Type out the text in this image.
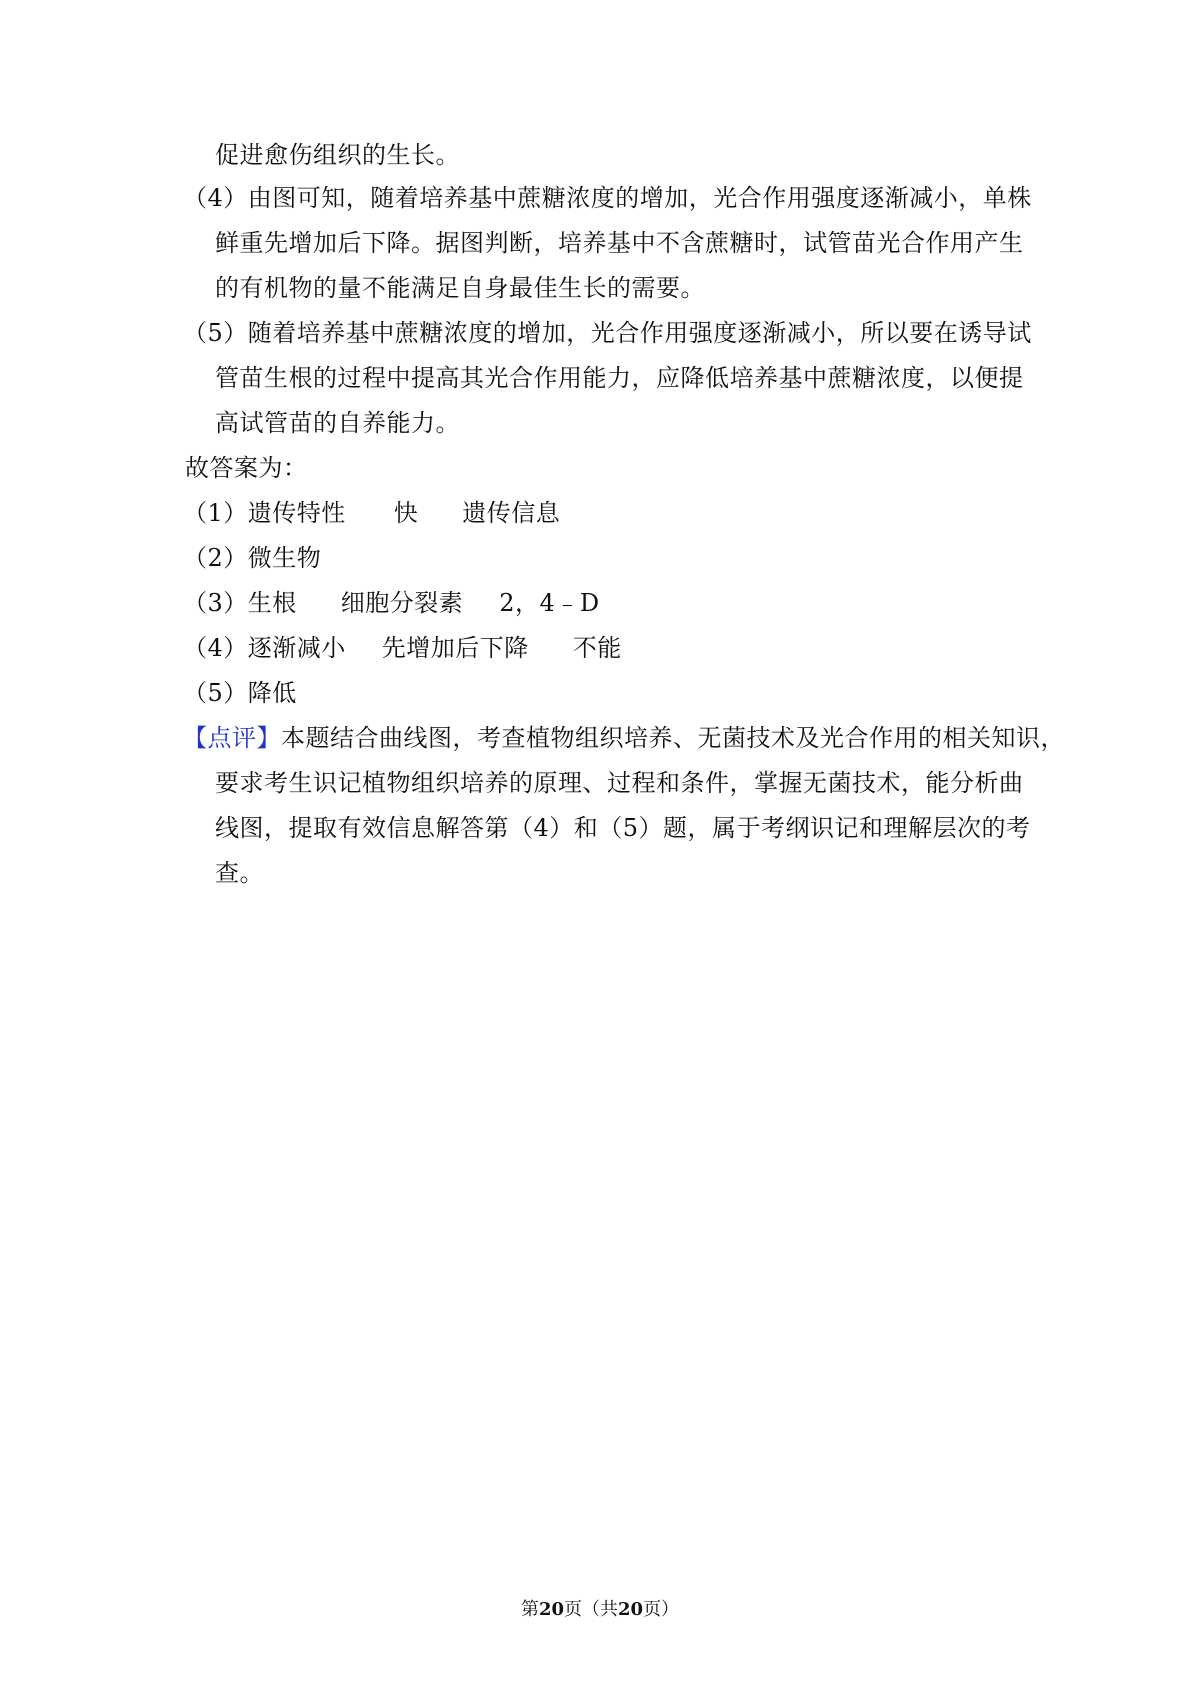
促进愈伤组织的生长。
（4）由图可知，随着培养基中蔗糖浓度的增加，光合作用强度逐渐减小，单株
鲜重先增加后下降。据图判断，培养基中不含蔗糖时，试管苗光合作用产生
的有机物的量不能满足自身最佳生长的需要。
（5）随着培养基中蔗糖浓度的增加，光合作用强度逐渐减小，所以要在诱导试
管苗生根的过程中提高其光合作用能力，应降低培养基中蔗糖浓度，以便提
高试管苗的自养能力。
故答案为：
（1）遗传特性 快 遗传信息
（2）微生物
（3）生根 细胞分裂素 2，4﹣D
（4）逐渐减小 先增加后下降 不能
（5）降低
【点评】本题结合曲线图，考查植物组织培养、无菌技术及光合作用的相关知识，
要求考生识记植物组织培养的原理、过程和条件，掌握无菌技术，能分析曲
线图，提取有效信息解答第（4）和（5）题，属于考纲识记和理解层次的考
查。
第20页（共20页）
